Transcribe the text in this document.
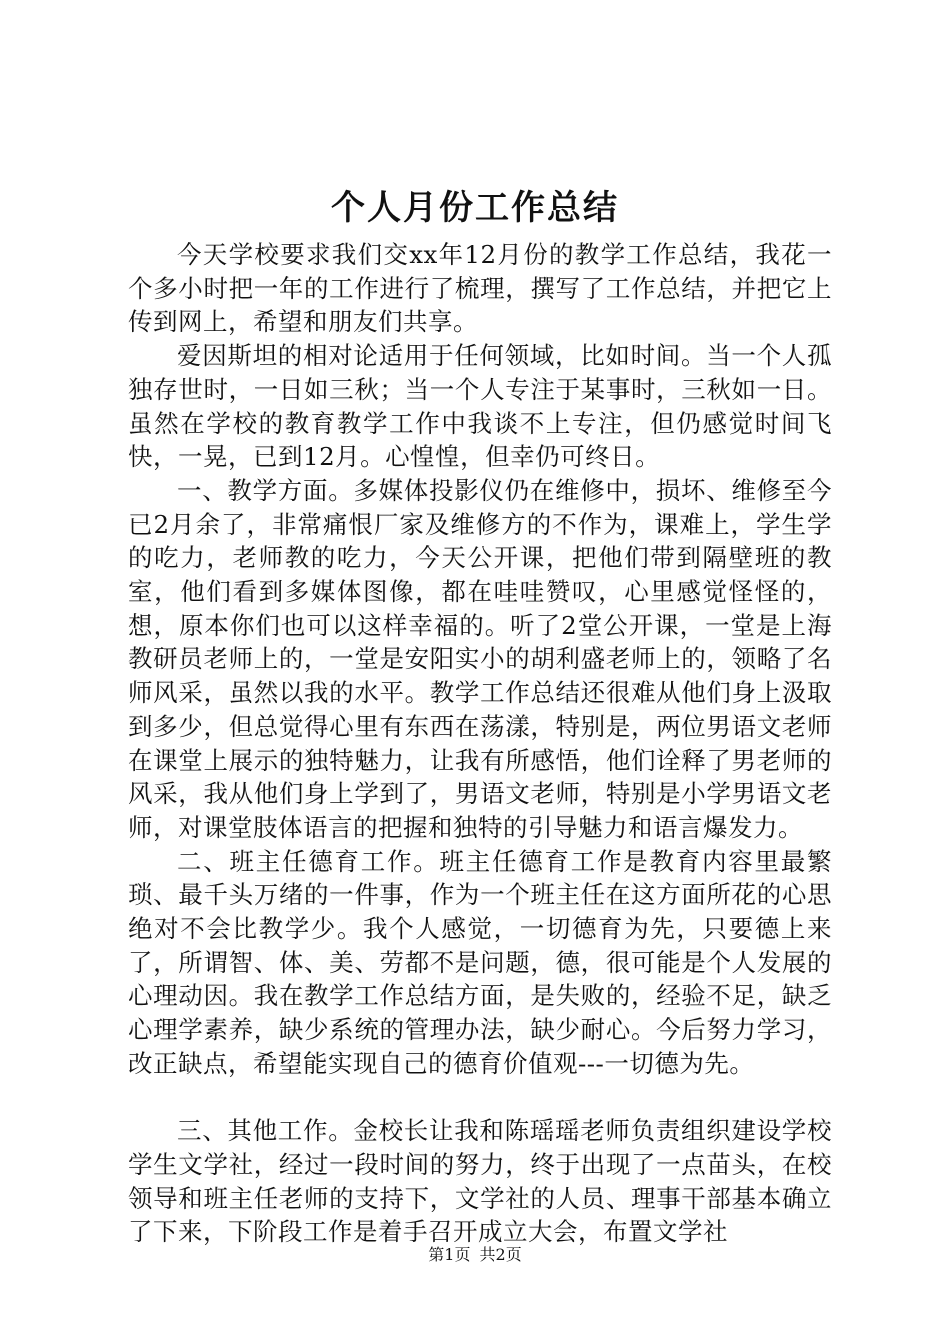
个人月份工作总结

今天学校要求我们交xx年12月份的教学工作总结，我花一个多小时把一年的工作进行了梳理，撰写了工作总结，并把它上传到网上，希望和朋友们共享。

爱因斯坦的相对论适用于任何领域，比如时间。当一个人孤独存世时，一日如三秋；当一个人专注于某事时，三秋如一日。虽然在学校的教育教学工作中我谈不上专注，但仍感觉时间飞快，一晃，已到12月。心惶惶，但幸仍可终日。

一、教学方面。多媒体投影仪仍在维修中，损坏、维修至今已2月余了，非常痛恨厂家及维修方的不作为，课难上，学生学的吃力，老师教的吃力，今天公开课，把他们带到隔壁班的教室，他们看到多媒体图像，都在哇哇赞叹，心里感觉怪怪的，想，原本你们也可以这样幸福的。听了2堂公开课，一堂是上海教研员老师上的，一堂是安阳实小的胡利盛老师上的，领略了名师风采，虽然以我的水平。教学工作总结还很难从他们身上汲取到多少，但总觉得心里有东西在荡漾，特别是，两位男语文老师在课堂上展示的独特魅力，让我有所感悟，他们诠释了男老师的风采，我从他们身上学到了，男语文老师，特别是小学男语文老师，对课堂肢体语言的把握和独特的引导魅力和语言爆发力。

二、班主任德育工作。班主任德育工作是教育内容里最繁琐、最千头万绪的一件事，作为一个班主任在这方面所花的心思绝对不会比教学少。我个人感觉，一切德育为先，只要德上来了，所谓智、体、美、劳都不是问题，德，很可能是个人发展的心理动因。我在教学工作总结方面，是失败的，经验不足，缺乏心理学素养，缺少系统的管理办法，缺少耐心。今后努力学习，改正缺点，希望能实现自己的德育价值观---一切德为先。

三、其他工作。金校长让我和陈瑶瑶老师负责组织建设学校学生文学社，经过一段时间的努力，终于出现了一点苗头，在校领导和班主任老师的支持下，文学社的人员、理事干部基本确立了下来，下阶段工作是着手召开成立大会，布置文学社

第1页 共2页
